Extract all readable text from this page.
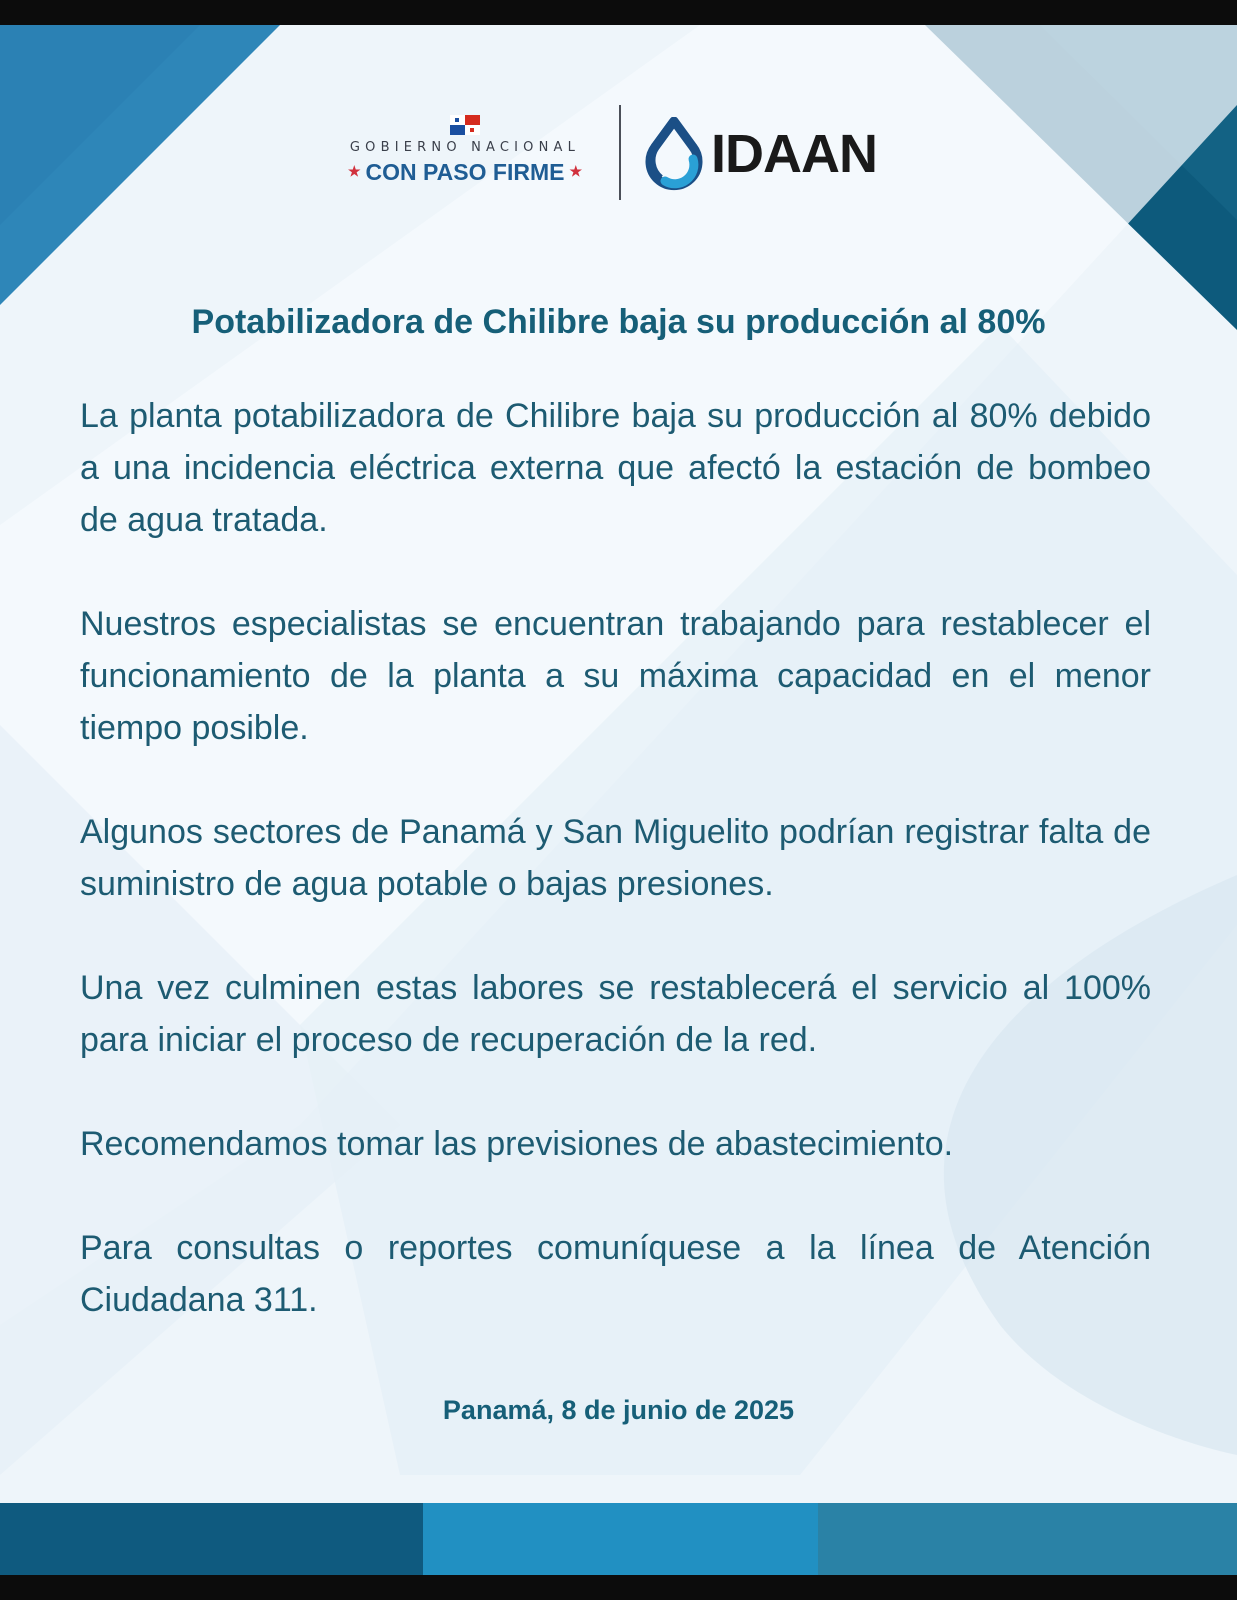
GOBIERNO NACIONAL
★ CON PASO FIRME ★	IDAAN
Potabilizadora de Chilibre baja su producción al 80%

La planta potabilizadora de Chilibre baja su producción al 80% debido a una incidencia eléctrica externa que afectó la estación de bombeo de agua tratada.

Nuestros especialistas se encuentran trabajando para restablecer el funcionamiento de la planta a su máxima capacidad en el menor tiempo posible.

Algunos sectores de Panamá y San Miguelito podrían registrar falta de suministro de agua potable o bajas presiones.

Una vez culminen estas labores se restablecerá el servicio al 100% para iniciar el proceso de recuperación de la red.

Recomendamos tomar las previsiones de abastecimiento.

Para consultas o reportes comuníquese a la línea de Atención Ciudadana 311.

Panamá, 8 de junio de 2025
